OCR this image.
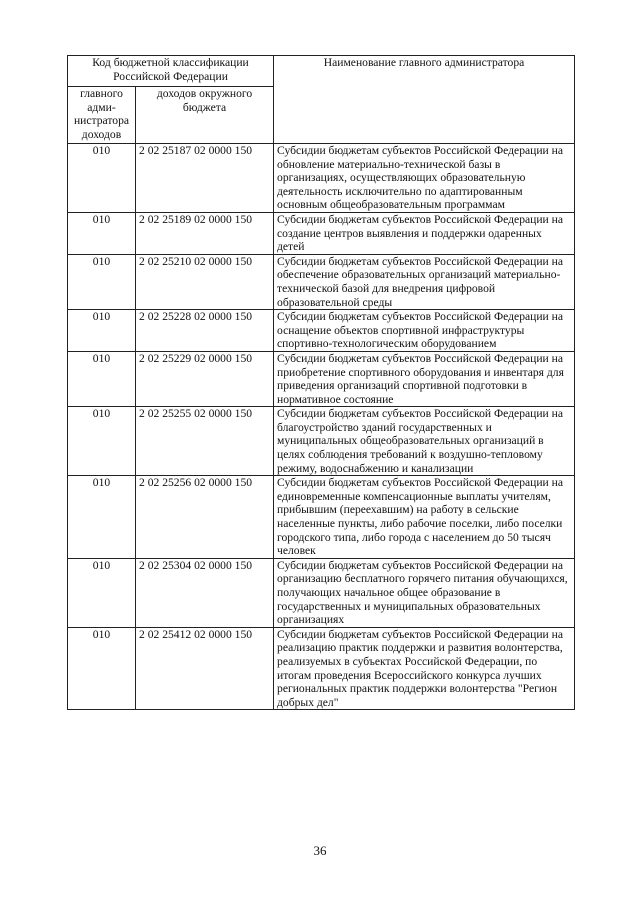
Код бюджетной классификации Российской Федерации		Наименование главного администратора
главного адми-нистратора доходов	доходов окружного бюджета	
010	2 02 25187 02 0000 150	Субсидии бюджетам субъектов Российской Федерации на обновление материально-технической базы в организациях, осуществляющих образовательную деятельность исключительно по адаптированным основным общеобразовательным программам
010	2 02 25189 02 0000 150	Субсидии бюджетам субъектов Российской Федерации на создание центров выявления и поддержки одаренных детей
010	2 02 25210 02 0000 150	Субсидии бюджетам субъектов Российской Федерации на обеспечение образовательных организаций материально-технической базой для внедрения цифровой образовательной среды
010	2 02 25228 02 0000 150	Субсидии бюджетам субъектов Российской Федерации на оснащение объектов спортивной инфраструктуры спортивно-технологическим оборудованием
010	2 02 25229 02 0000 150	Субсидии бюджетам субъектов Российской Федерации на приобретение спортивного оборудования и инвентаря для приведения организаций спортивной подготовки в нормативное состояние
010	2 02 25255 02 0000 150	Субсидии бюджетам субъектов Российской Федерации на благоустройство зданий государственных и муниципальных общеобразовательных организаций в целях соблюдения требований к воздушно-тепловому режиму, водоснабжению и канализации
010	2 02 25256 02 0000 150	Субсидии бюджетам субъектов Российской Федерации на единовременные компенсационные выплаты учителям, прибывшим (переехавшим) на работу в сельские населенные пункты, либо рабочие поселки, либо поселки городского типа, либо города с населением до 50 тысяч человек
010	2 02 25304 02 0000 150	Субсидии бюджетам субъектов Российской Федерации на организацию бесплатного горячего питания обучающихся, получающих начальное общее образование в государственных и муниципальных образовательных организациях
010	2 02 25412 02 0000 150	Субсидии бюджетам субъектов Российской Федерации на реализацию практик поддержки и развития волонтерства, реализуемых в субъектах Российской Федерации, по итогам проведения Всероссийского конкурса лучших региональных практик поддержки волонтерства "Регион добрых дел"
36
